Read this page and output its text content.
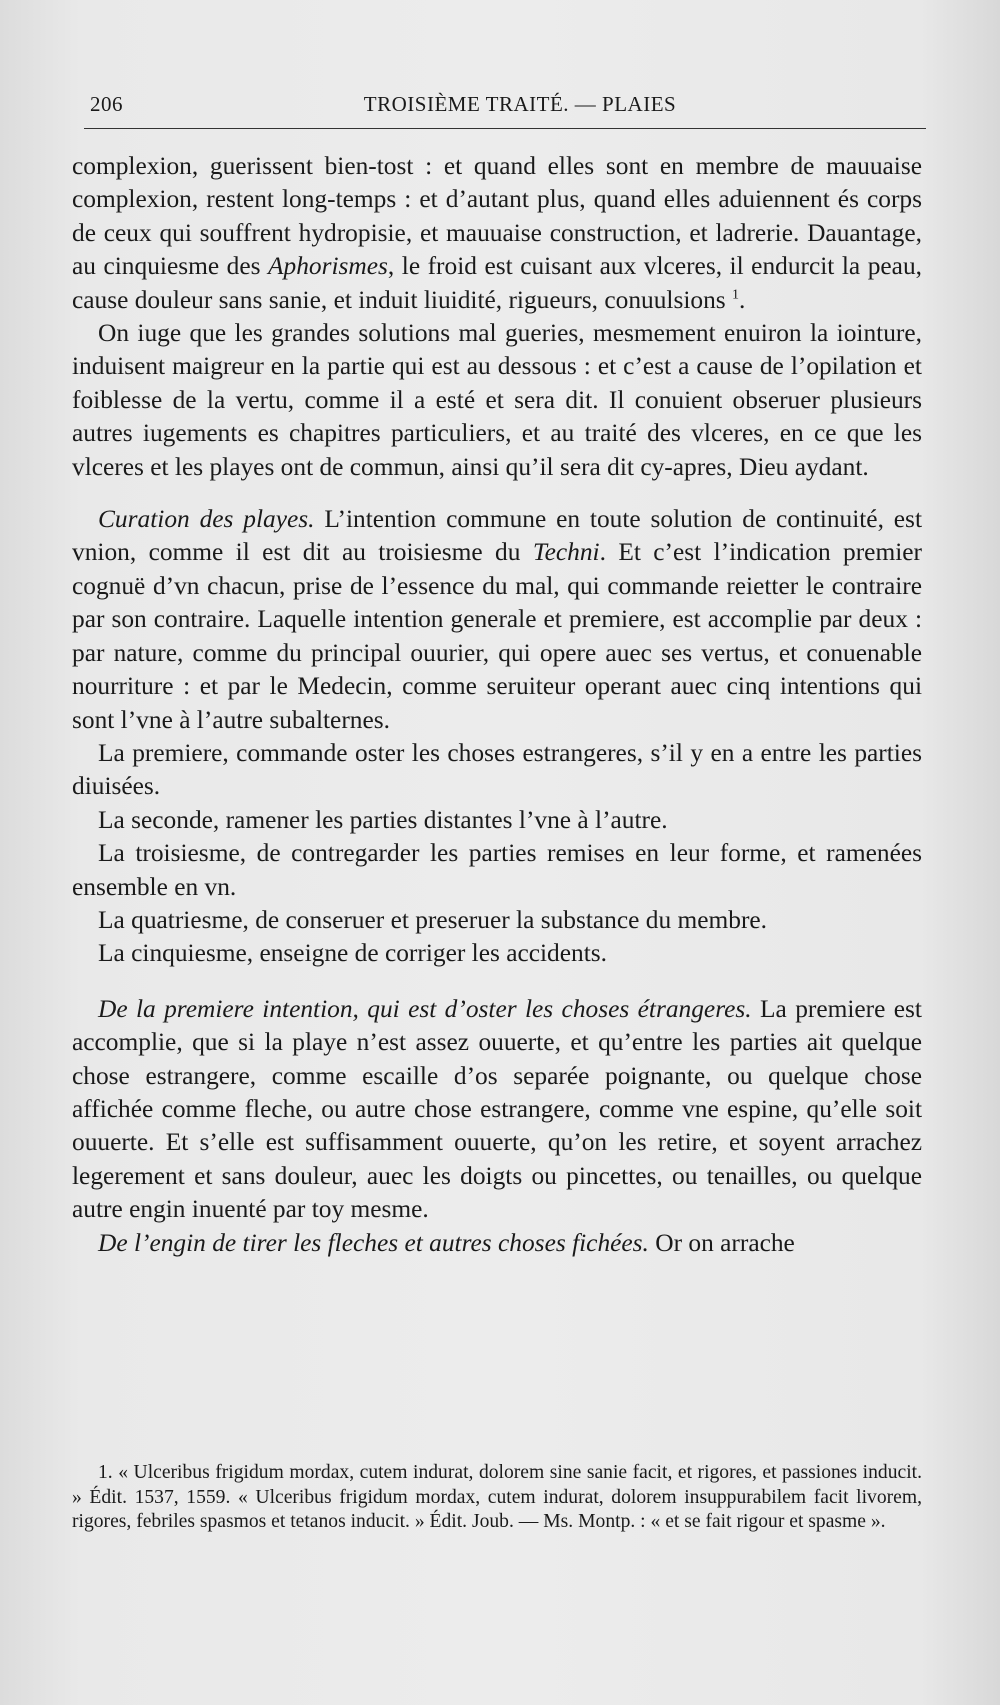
206	TROISIÈME TRAITÉ. — PLAIES

complexion, guerissent bien-tost : et quand elles sont en membre de mauuaise complexion, restent long-temps : et d’autant plus, quand elles aduiennent és corps de ceux qui souffrent hydropisie, et mauuaise construction, et ladrerie. Dauantage, au cinquiesme des Aphorismes, le froid est cuisant aux vlceres, il endurcit la peau, cause douleur sans sanie, et induit liuidité, rigueurs, conuulsions $^1$.

On iuge que les grandes solutions mal gueries, mesmement enuiron la iointure, induisent maigreur en la partie qui est au dessous : et c’est a cause de l’opilation et foiblesse de la vertu, comme il a esté et sera dit. Il conuient obseruer plusieurs autres iugements es chapitres particuliers, et au traité des vlceres, en ce que les vlceres et les playes ont de commun, ainsi qu’il sera dit cy-apres, Dieu aydant.

Curation des playes. L’intention commune en toute solution de continuité, est vnion, comme il est dit au troisiesme du Techni. Et c’est l’indication premier cognuë d’vn chacun, prise de l’essence du mal, qui commande reietter le contraire par son contraire. Laquelle intention generale et premiere, est accomplie par deux : par nature, comme du principal ouurier, qui opere auec ses vertus, et conuenable nourriture : et par le Medecin, comme seruiteur operant auec cinq intentions qui sont l’vne à l’autre subalternes.

La premiere, commande oster les choses estrangeres, s’il y en a entre les parties diuisées.

La seconde, ramener les parties distantes l’vne à l’autre.

La troisiesme, de contregarder les parties remises en leur forme, et ramenées ensemble en vn.

La quatriesme, de conseruer et preseruer la substance du membre.

La cinquiesme, enseigne de corriger les accidents.

De la premiere intention, qui est d’oster les choses étrangeres. La premiere est accomplie, que si la playe n’est assez ouuerte, et qu’entre les parties ait quelque chose estrangere, comme escaille d’os separée poignante, ou quelque chose affichée comme fleche, ou autre chose estrangere, comme vne espine, qu’elle soit ouuerte. Et s’elle est suffisamment ouuerte, qu’on les retire, et soyent arrachez legerement et sans douleur, auec les doigts ou pincettes, ou tenailles, ou quelque autre engin inuenté par toy mesme.

De l’engin de tirer les fleches et autres choses fichées. Or on arrache

1. « Ulceribus frigidum mordax, cutem indurat, dolorem sine sanie facit, et rigores, et passiones inducit. » Édit. 1537, 1559. « Ulceribus frigidum mordax, cutem indurat, dolorem insuppurabilem facit livorem, rigores, febriles spasmos et tetanos inducit. » Édit. Joub. — Ms. Montp. : « et se fait rigour et spasme ».
